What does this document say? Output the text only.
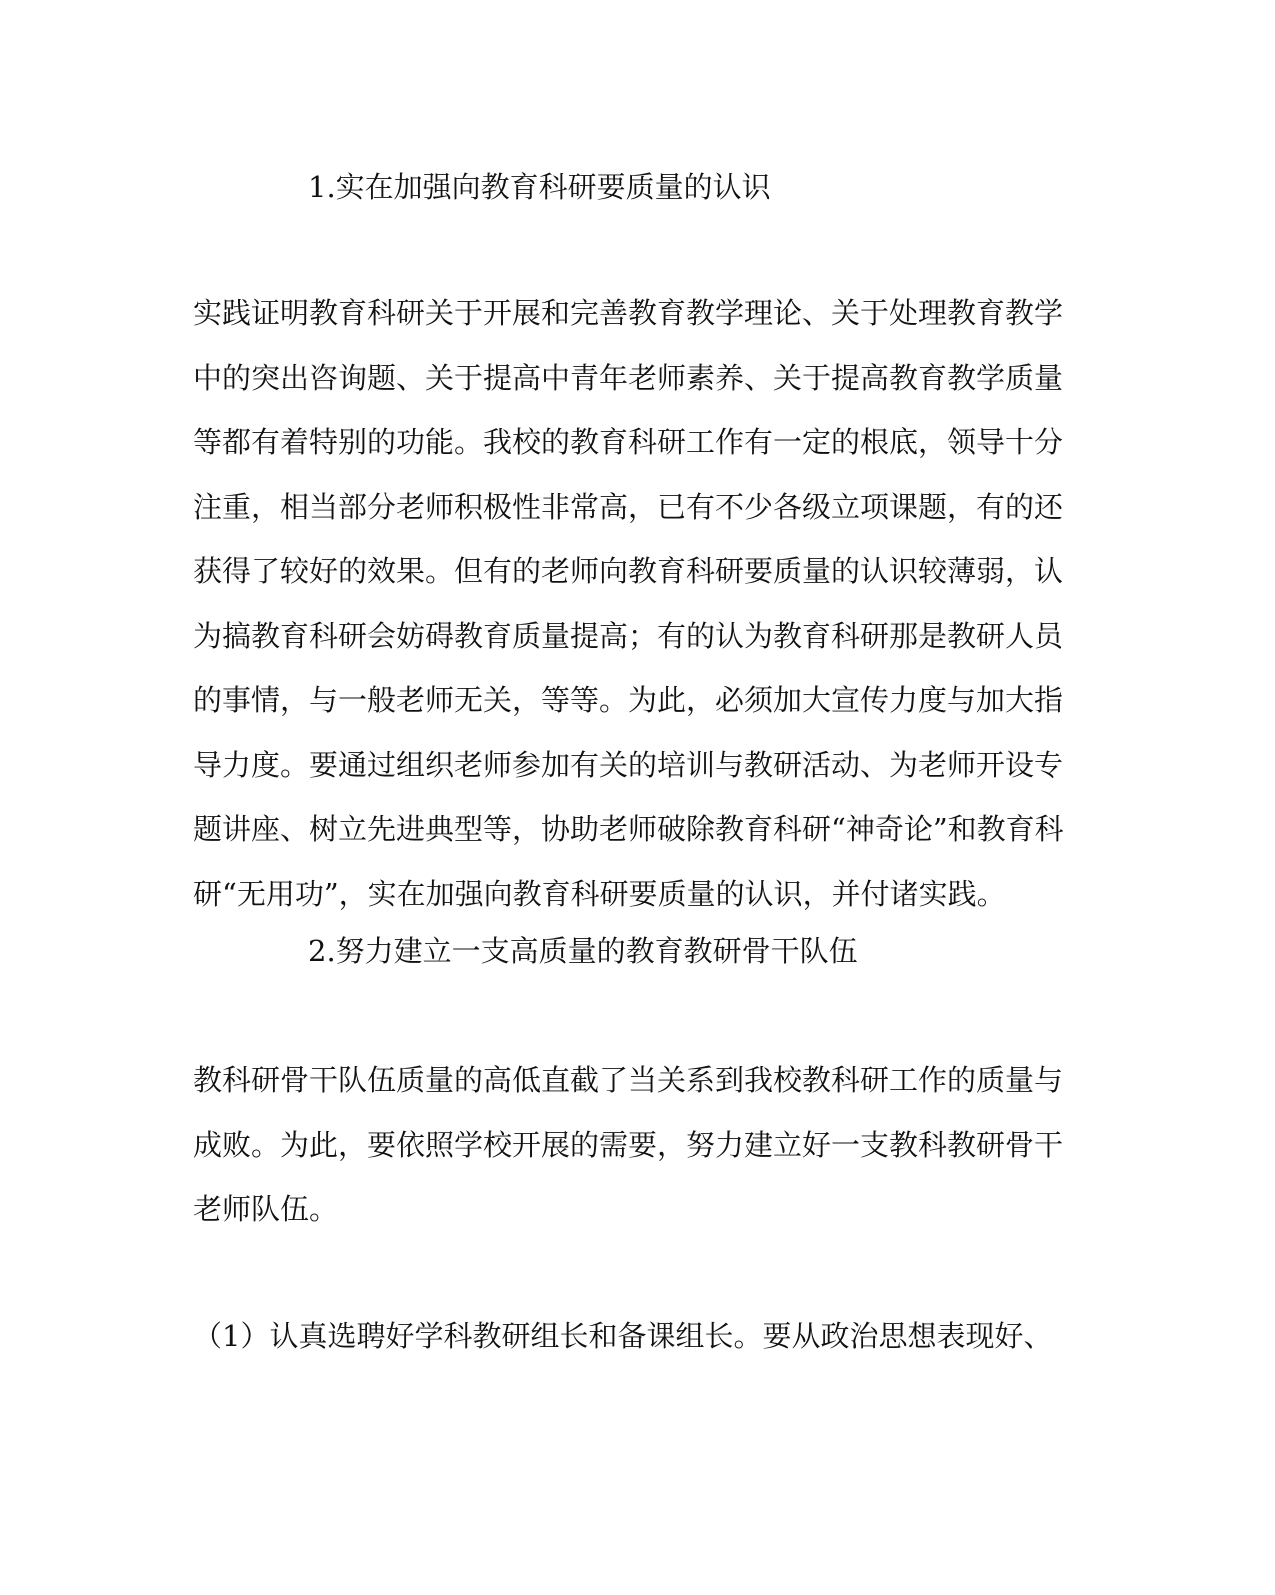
1.实在加强向教育科研要质量的认识
实践证明教育科研关于开展和完善教育教学理论、关于处理教育教学
中的突出咨询题、关于提高中青年老师素养、关于提高教育教学质量
等都有着特别的功能。我校的教育科研工作有一定的根底，领导十分
注重，相当部分老师积极性非常高，已有不少各级立项课题，有的还
获得了较好的效果。但有的老师向教育科研要质量的认识较薄弱，认
为搞教育科研会妨碍教育质量提高；有的认为教育科研那是教研人员
的事情，与一般老师无关，等等。为此，必须加大宣传力度与加大指
导力度。要通过组织老师参加有关的培训与教研活动、为老师开设专
题讲座、树立先进典型等，协助老师破除教育科研“神奇论”和教育科
研“无用功”，实在加强向教育科研要质量的认识，并付诸实践。
2.努力建立一支高质量的教育教研骨干队伍
教科研骨干队伍质量的高低直截了当关系到我校教科研工作的质量与
成败。为此，要依照学校开展的需要，努力建立好一支教科教研骨干
老师队伍。
（1）认真选聘好学科教研组长和备课组长。要从政治思想表现好、
